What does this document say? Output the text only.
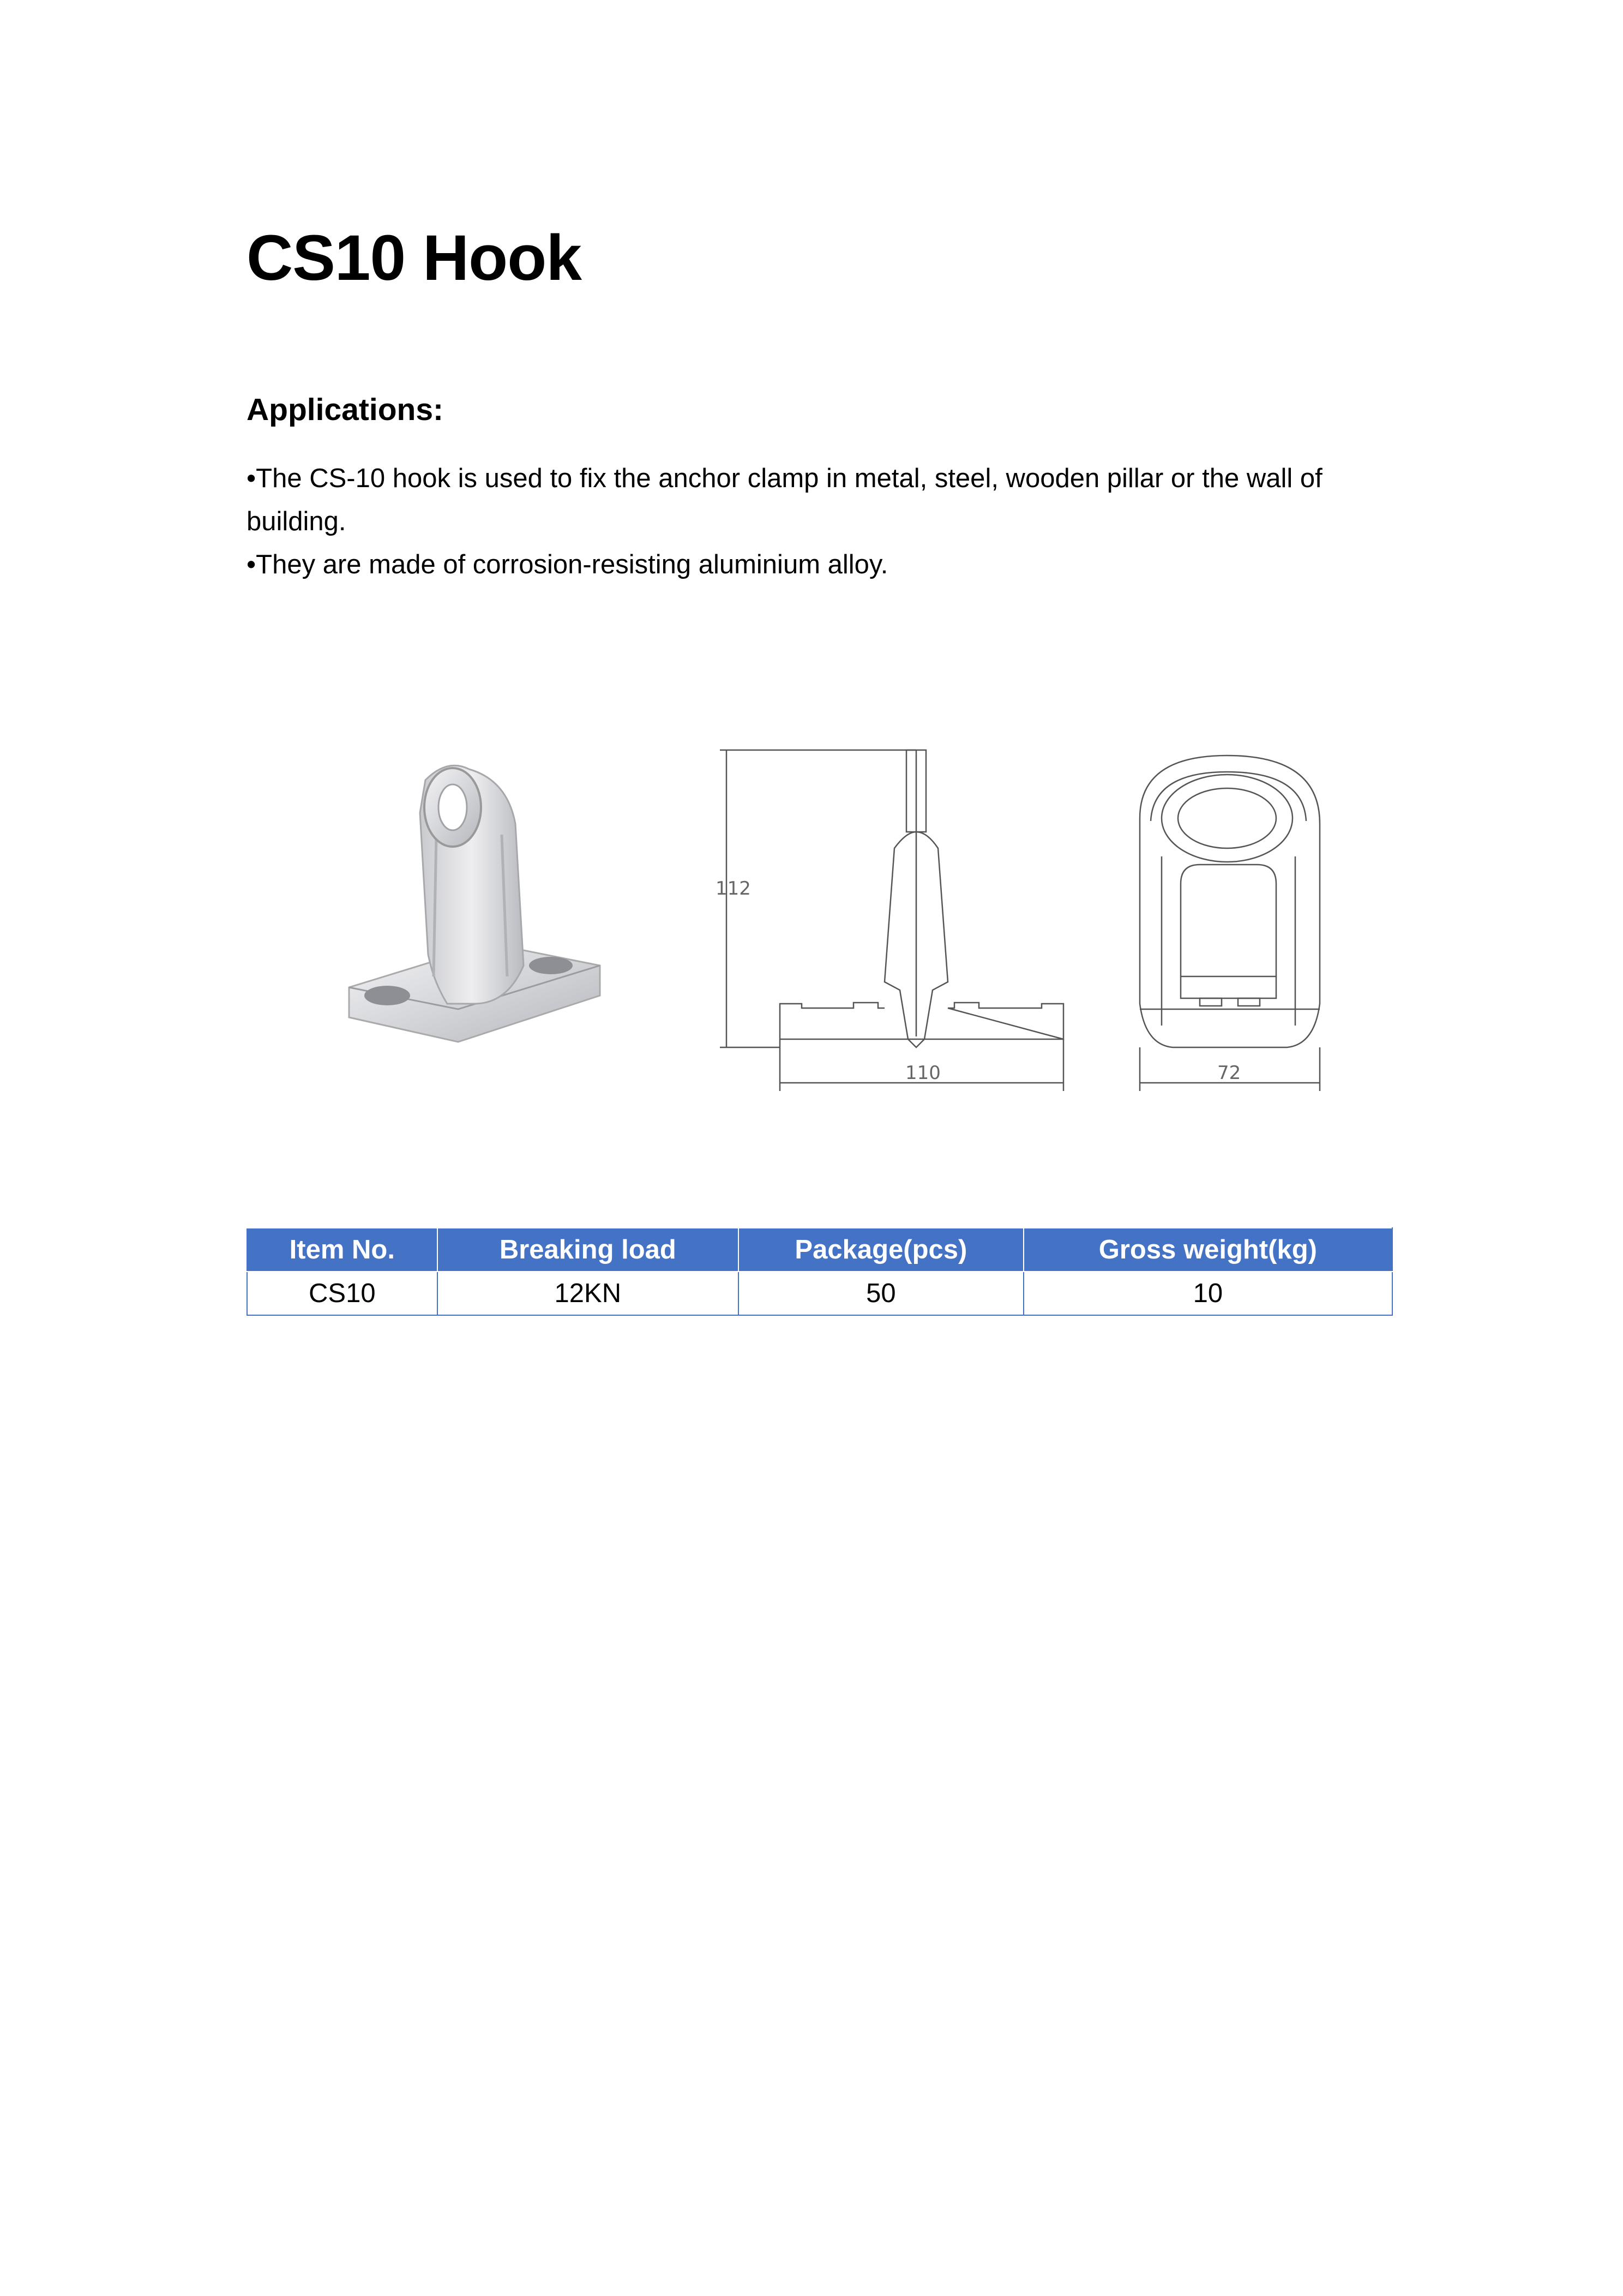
CS10 Hook
Applications:

•The CS-10 hook is used to fix the anchor clamp in metal, steel, wooden pillar or the wall of building.

•They are made of corrosion-resisting aluminium alloy.

112
110	72
Item No.	Breaking load	Package(pcs)	Gross weight(kg)
CS10	12KN	50	10
